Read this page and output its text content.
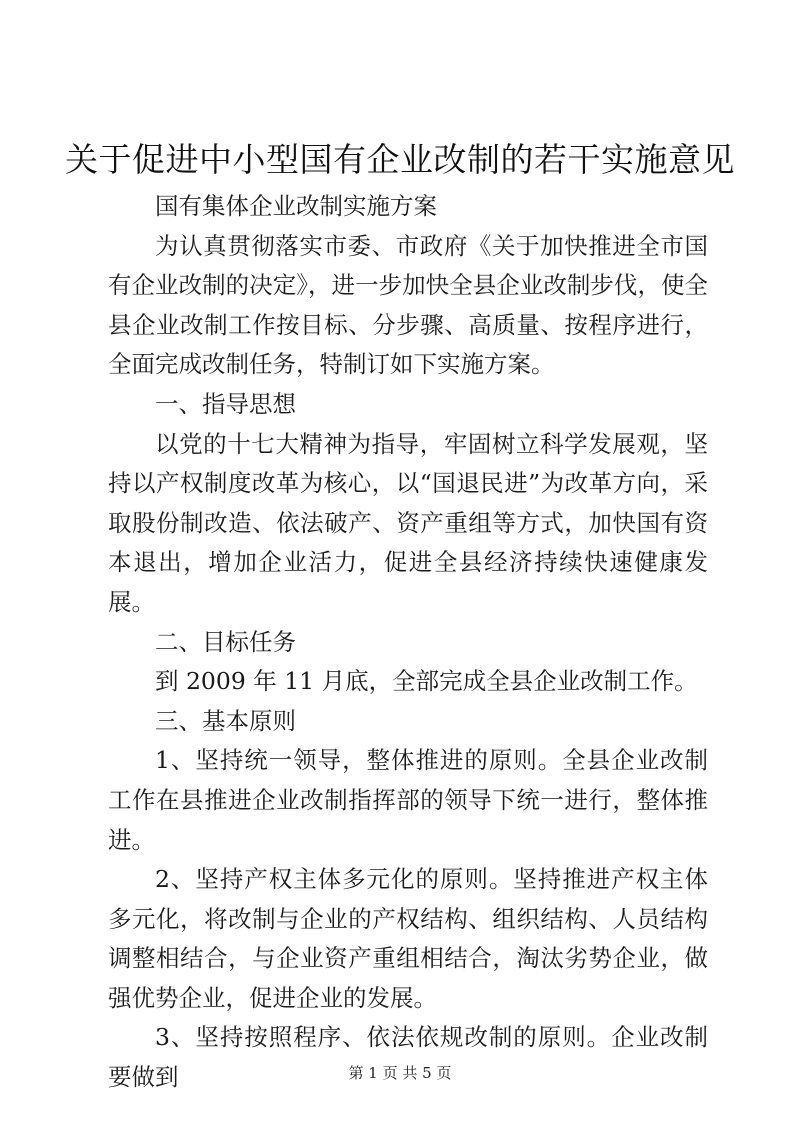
关于促进中小型国有企业改制的若干实施意见

国有集体企业改制实施方案

为认真贯彻落实市委、市政府《关于加快推进全市国有企业改制的决定》，进一步加快全县企业改制步伐，使全县企业改制工作按目标、分步骤、高质量、按程序进行，全面完成改制任务，特制订如下实施方案。

一、指导思想

以党的十七大精神为指导，牢固树立科学发展观，坚持以产权制度改革为核心，以“国退民进”为改革方向，采取股份制改造、依法破产、资产重组等方式，加快国有资本退出，增加企业活力，促进全县经济持续快速健康发展。

二、目标任务

到 2009 年 11 月底，全部完成全县企业改制工作。

三、基本原则

1、坚持统一领导，整体推进的原则。全县企业改制工作在县推进企业改制指挥部的领导下统一进行，整体推进。

2、坚持产权主体多元化的原则。坚持推进产权主体多元化，将改制与企业的产权结构、组织结构、人员结构调整相结合，与企业资产重组相结合，淘汰劣势企业，做强优势企业，促进企业的发展。

3、坚持按照程序、依法依规改制的原则。企业改制要做到	第 1 页 共 5 页
